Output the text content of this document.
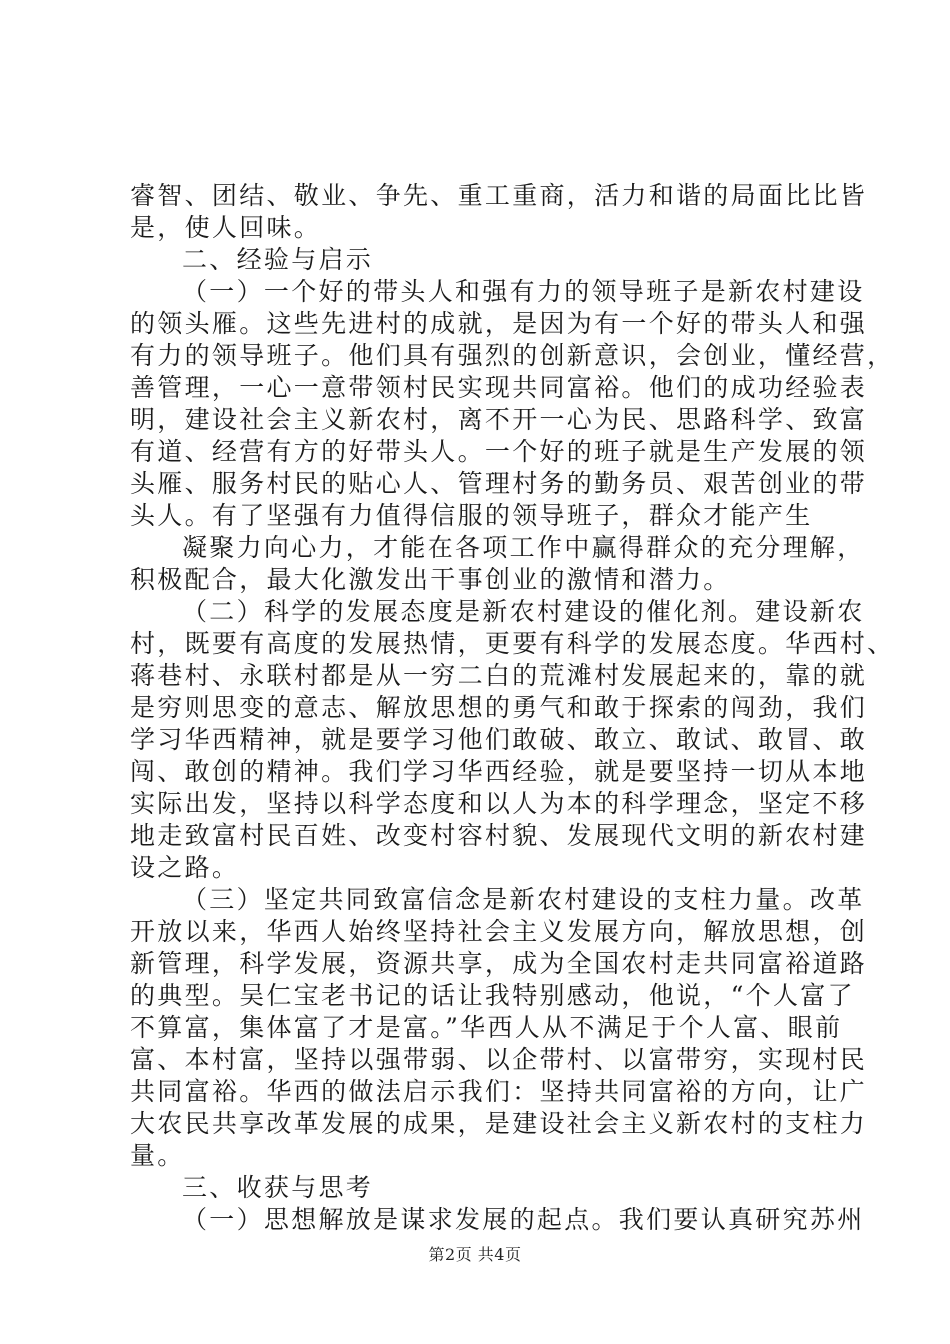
睿智、团结、敬业、争先、重工重商，活力和谐的局面比比皆
是，使人回味。
二、经验与启示
（一）一个好的带头人和强有力的领导班子是新农村建设
的领头雁。这些先进村的成就，是因为有一个好的带头人和强
有力的领导班子。他们具有强烈的创新意识，会创业，懂经营，
善管理，一心一意带领村民实现共同富裕。他们的成功经验表
明，建设社会主义新农村，离不开一心为民、思路科学、致富
有道、经营有方的好带头人。一个好的班子就是生产发展的领
头雁、服务村民的贴心人、管理村务的勤务员、艰苦创业的带
头人。有了坚强有力值得信服的领导班子，群众才能产生
凝聚力向心力，才能在各项工作中赢得群众的充分理解，
积极配合，最大化激发出干事创业的激情和潜力。
（二）科学的发展态度是新农村建设的催化剂。建设新农
村，既要有高度的发展热情，更要有科学的发展态度。华西村、
蒋巷村、永联村都是从一穷二白的荒滩村发展起来的，靠的就
是穷则思变的意志、解放思想的勇气和敢于探索的闯劲，我们
学习华西精神，就是要学习他们敢破、敢立、敢试、敢冒、敢
闯、敢创的精神。我们学习华西经验，就是要坚持一切从本地
实际出发，坚持以科学态度和以人为本的科学理念，坚定不移
地走致富村民百姓、改变村容村貌、发展现代文明的新农村建
设之路。
（三）坚定共同致富信念是新农村建设的支柱力量。改革
开放以来，华西人始终坚持社会主义发展方向，解放思想，创
新管理，科学发展，资源共享，成为全国农村走共同富裕道路
的典型。吴仁宝老书记的话让我特别感动，他说，“个人富了
不算富，集体富了才是富。”华西人从不满足于个人富、眼前
富、本村富，坚持以强带弱、以企带村、以富带穷，实现村民
共同富裕。华西的做法启示我们：坚持共同富裕的方向，让广
大农民共享改革发展的成果，是建设社会主义新农村的支柱力
量。
三、收获与思考
（一）思想解放是谋求发展的起点。我们要认真研究苏州
第2页 共4页
